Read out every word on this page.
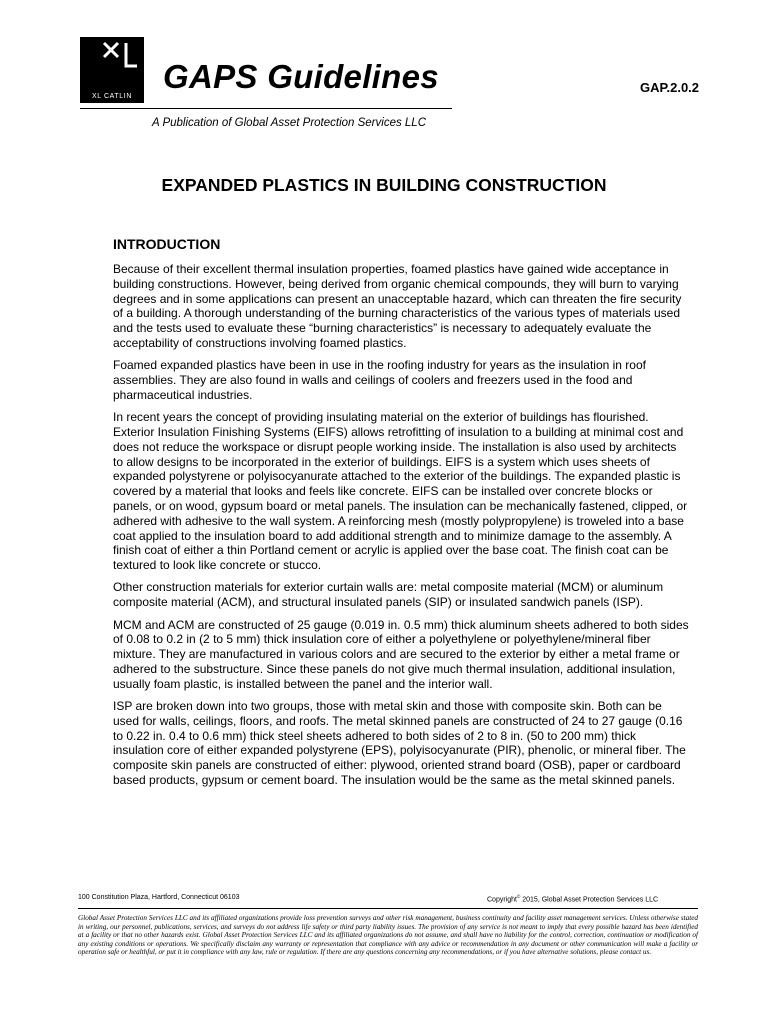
XL CATLIN
GAPS Guidelines	GAP.2.0.2
A Publication of Global Asset Protection Services LLC
EXPANDED PLASTICS IN BUILDING CONSTRUCTION
INTRODUCTION

Because of their excellent thermal insulation properties, foamed plastics have gained wide acceptance in building constructions. However, being derived from organic chemical compounds, they will burn to varying degrees and in some applications can present an unacceptable hazard, which can threaten the fire security of a building. A thorough understanding of the burning characteristics of the various types of materials used and the tests used to evaluate these “burning characteristics” is necessary to adequately evaluate the acceptability of constructions involving foamed plastics.

Foamed expanded plastics have been in use in the roofing industry for years as the insulation in roof assemblies. They are also found in walls and ceilings of coolers and freezers used in the food and pharmaceutical industries.

In recent years the concept of providing insulating material on the exterior of buildings has flourished. Exterior Insulation Finishing Systems (EIFS) allows retrofitting of insulation to a building at minimal cost and does not reduce the workspace or disrupt people working inside. The installation is also used by architects to allow designs to be incorporated in the exterior of buildings. EIFS is a system which uses sheets of expanded polystyrene or polyisocyanurate attached to the exterior of the buildings. The expanded plastic is covered by a material that looks and feels like concrete. EIFS can be installed over concrete blocks or panels, or on wood, gypsum board or metal panels. The insulation can be mechanically fastened, clipped, or adhered with adhesive to the wall system. A reinforcing mesh (mostly polypropylene) is troweled into a base coat applied to the insulation board to add additional strength and to minimize damage to the assembly. A finish coat of either a thin Portland cement or acrylic is applied over the base coat. The finish coat can be textured to look like concrete or stucco.

Other construction materials for exterior curtain walls are: metal composite material (MCM) or aluminum composite material (ACM), and structural insulated panels (SIP) or insulated sandwich panels (ISP).

MCM and ACM are constructed of 25 gauge (0.019 in. 0.5 mm) thick aluminum sheets adhered to both sides of 0.08 to 0.2 in (2 to 5 mm) thick insulation core of either a polyethylene or polyethylene/mineral fiber mixture. They are manufactured in various colors and are secured to the exterior by either a metal frame or adhered to the substructure. Since these panels do not give much thermal insulation, additional insulation, usually foam plastic, is installed between the panel and the interior wall.

ISP are broken down into two groups, those with metal skin and those with composite skin. Both can be used for walls, ceilings, floors, and roofs. The metal skinned panels are constructed of 24 to 27 gauge (0.16 to 0.22 in. 0.4 to 0.6 mm) thick steel sheets adhered to both sides of 2 to 8 in. (50 to 200 mm) thick insulation core of either expanded polystyrene (EPS), polyisocyanurate (PIR), phenolic, or mineral fiber. The composite skin panels are constructed of either: plywood, oriented strand board (OSB), paper or cardboard based products, gypsum or cement board. The insulation would be the same as the metal skinned panels.

100 Constitution Plaza, Hartford, Connecticut 06103	Copyright© 2015, Global Asset Protection Services LLC

Global Asset Protection Services LLC and its affiliated organizations provide loss prevention surveys and other risk management, business continuity and facility asset management services. Unless otherwise stated in writing, our personnel, publications, services, and surveys do not address life safety or third party liability issues. The provision of any service is not meant to imply that every possible hazard has been identified at a facility or that no other hazards exist. Global Asset Protection Services LLC and its affiliated organizations do not assume, and shall have no liability for the control, correction, continuation or modification of any existing conditions or operations. We specifically disclaim any warranty or representation that compliance with any advice or recommendation in any document or other communication will make a facility or operation safe or healthful, or put it in compliance with any law, rule or regulation. If there are any questions concerning any recommendations, or if you have alternative solutions, please contact us.
